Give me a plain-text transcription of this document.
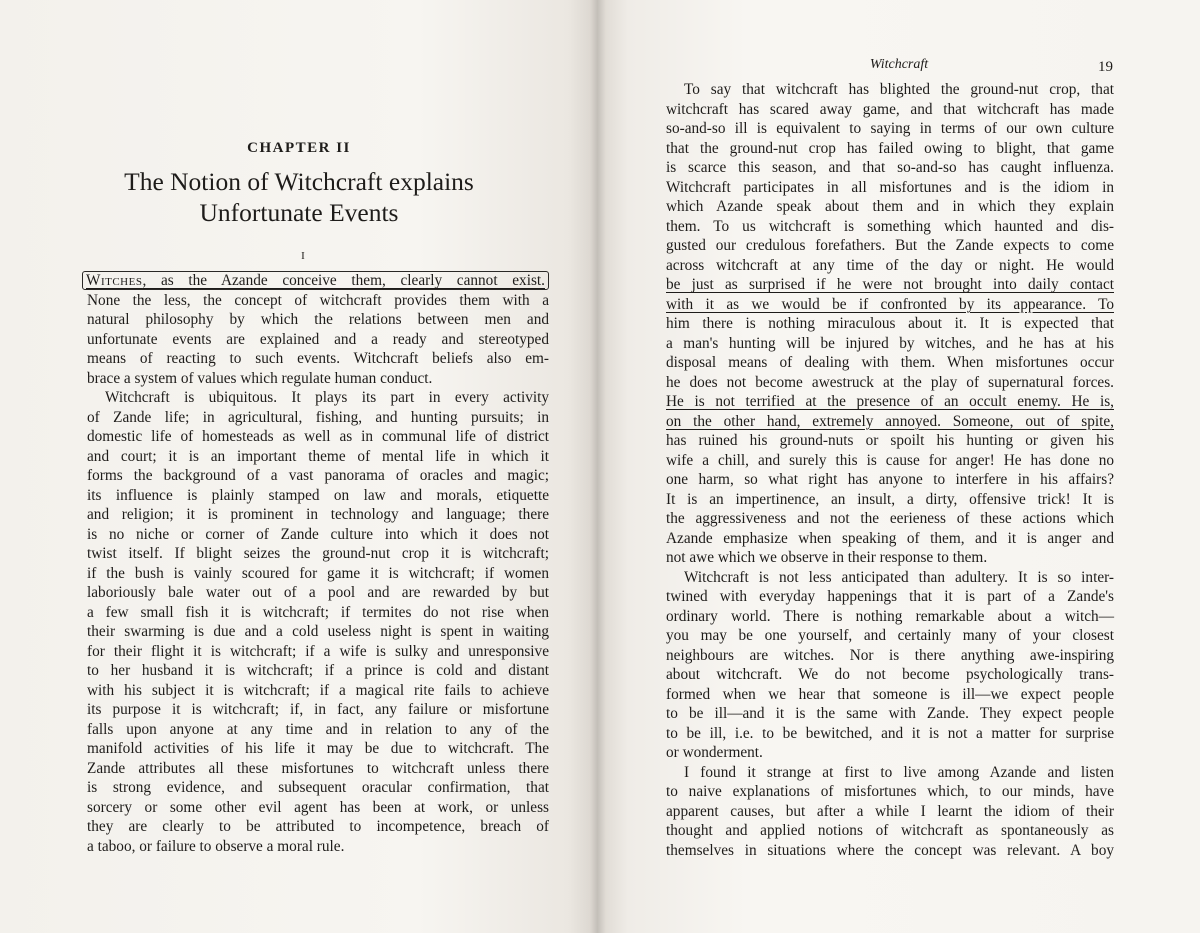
CHAPTER II
The Notion of Witchcraft explains
Unfortunate Events
I
Witches, as the Azande conceive them, clearly cannot exist.
None the less, the concept of witchcraft provides them with a
natural philosophy by which the relations between men and
unfortunate events are explained and a ready and stereotyped
means of reacting to such events. Witchcraft beliefs also em-
brace a system of values which regulate human conduct.
Witchcraft is ubiquitous. It plays its part in every activity
of Zande life; in agricultural, fishing, and hunting pursuits; in
domestic life of homesteads as well as in communal life of district
and court; it is an important theme of mental life in which it
forms the background of a vast panorama of oracles and magic;
its influence is plainly stamped on law and morals, etiquette
and religion; it is prominent in technology and language; there
is no niche or corner of Zande culture into which it does not
twist itself. If blight seizes the ground-nut crop it is witchcraft;
if the bush is vainly scoured for game it is witchcraft; if women
laboriously bale water out of a pool and are rewarded by but
a few small fish it is witchcraft; if termites do not rise when
their swarming is due and a cold useless night is spent in waiting
for their flight it is witchcraft; if a wife is sulky and unresponsive
to her husband it is witchcraft; if a prince is cold and distant
with his subject it is witchcraft; if a magical rite fails to achieve
its purpose it is witchcraft; if, in fact, any failure or misfortune
falls upon anyone at any time and in relation to any of the
manifold activities of his life it may be due to witchcraft. The
Zande attributes all these misfortunes to witchcraft unless there
is strong evidence, and subsequent oracular confirmation, that
sorcery or some other evil agent has been at work, or unless
they are clearly to be attributed to incompetence, breach of
a taboo, or failure to observe a moral rule.
Witchcraft	19
To say that witchcraft has blighted the ground-nut crop, that
witchcraft has scared away game, and that witchcraft has made
so-and-so ill is equivalent to saying in terms of our own culture
that the ground-nut crop has failed owing to blight, that game
is scarce this season, and that so-and-so has caught influenza.
Witchcraft participates in all misfortunes and is the idiom in
which Azande speak about them and in which they explain
them. To us witchcraft is something which haunted and dis-
gusted our credulous forefathers. But the Zande expects to come
across witchcraft at any time of the day or night. He would
be just as surprised if he were not brought into daily contact
with it as we would be if confronted by its appearance. To
him there is nothing miraculous about it. It is expected that
a man's hunting will be injured by witches, and he has at his
disposal means of dealing with them. When misfortunes occur
he does not become awestruck at the play of supernatural forces.
He is not terrified at the presence of an occult enemy. He is,
on the other hand, extremely annoyed. Someone, out of spite,
has ruined his ground-nuts or spoilt his hunting or given his
wife a chill, and surely this is cause for anger! He has done no
one harm, so what right has anyone to interfere in his affairs?
It is an impertinence, an insult, a dirty, offensive trick! It is
the aggressiveness and not the eerieness of these actions which
Azande emphasize when speaking of them, and it is anger and
not awe which we observe in their response to them.
Witchcraft is not less anticipated than adultery. It is so inter-
twined with everyday happenings that it is part of a Zande's
ordinary world. There is nothing remarkable about a witch—
you may be one yourself, and certainly many of your closest
neighbours are witches. Nor is there anything awe-inspiring
about witchcraft. We do not become psychologically trans-
formed when we hear that someone is ill—we expect people
to be ill—and it is the same with Zande. They expect people
to be ill, i.e. to be bewitched, and it is not a matter for surprise
or wonderment.
I found it strange at first to live among Azande and listen
to naive explanations of misfortunes which, to our minds, have
apparent causes, but after a while I learnt the idiom of their
thought and applied notions of witchcraft as spontaneously as
themselves in situations where the concept was relevant. A boy
